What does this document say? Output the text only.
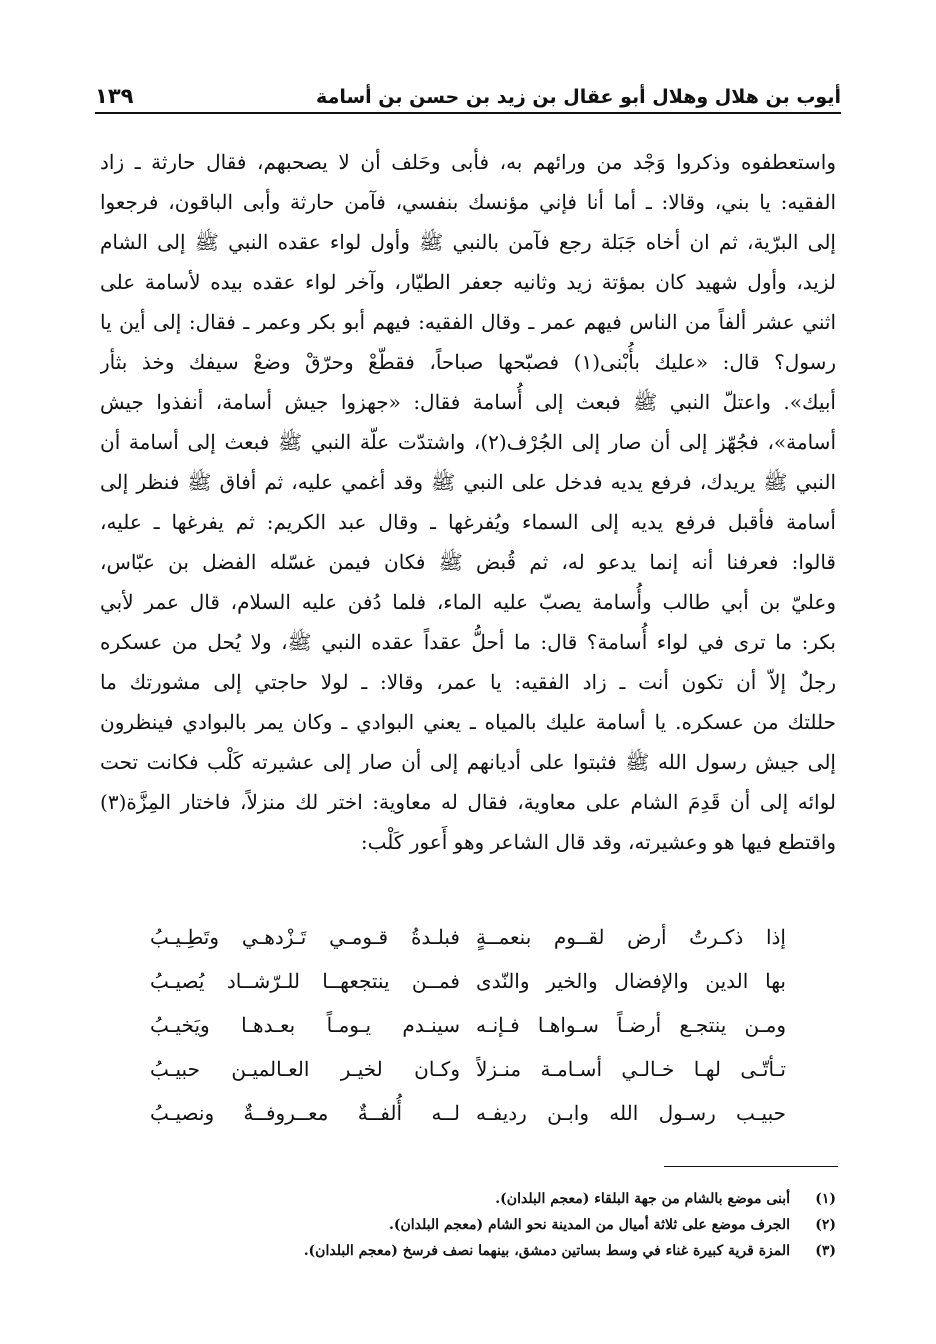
أيوب بن هلال وهلال أبو عقال بن زيد بن حسن بن أسامة
١٣٩
واستعطفوه وذكروا وَجْد من ورائهم به، فأبى وحَلف أن لا يصحبهم، فقال حارثة ـ زاد
الفقيه: يا بني، وقالا: ـ أما أنا فإني مؤنسك بنفسي، فآمن حارثة وأبى الباقون، فرجعوا
إلى البرّية، ثم ان أخاه جَبَلة رجع فآمن بالنبي ﷺ وأول لواء عقده النبي ﷺ إلى الشام
لزيد، وأول شهيد كان بمؤتة زيد وثانيه جعفر الطيّار، وآخر لواء عقده بيده لأسامة على
اثني عشر ألفاً من الناس فيهم عمر ـ وقال الفقيه: فيهم أبو بكر وعمر ـ فقال: إلى أين يا
رسول؟ قال: «عليك بأُبْنى(١) فصبّحها صباحاً، فقطّعْ وحرّقْ وضعْ سيفك وخذ بثأر
أبيك». واعتلّ النبي ﷺ فبعث إلى أُسامة فقال: «جهزوا جيش أسامة، أنفذوا جيش
أسامة»، فجُهّز إلى أن صار إلى الجُرْف(٢)، واشتدّت علّة النبي ﷺ فبعث إلى أسامة أن
النبي ﷺ يريدك، فرفع يديه فدخل على النبي ﷺ وقد أغمي عليه، ثم أفاق ﷺ فنظر إلى
أسامة فأقبل فرفع يديه إلى السماء ويُفرغها ـ وقال عبد الكريم: ثم يفرغها ـ عليه،
قالوا: فعرفنا أنه إنما يدعو له، ثم قُبض ﷺ فكان فيمن غسّله الفضل بن عبّاس،
وعليّ بن أبي طالب وأُسامة يصبّ عليه الماء، فلما دُفن عليه السلام، قال عمر لأبي
بكر: ما ترى في لواء أُسامة؟ قال: ما أحلُّ عقداً عقده النبي ﷺ، ولا يُحل من عسكره
رجلٌ إلاّ أن تكون أنت ـ زاد الفقيه: يا عمر، وقالا: ـ لولا حاجتي إلى مشورتك ما
حللتك من عسكره. يا أسامة عليك بالمياه ـ يعني البوادي ـ وكان يمر بالبوادي فينظرون
إلى جيش رسول الله ﷺ فثبتوا على أديانهم إلى أن صار إلى عشيرته كَلْب فكانت تحت
لوائه إلى أن قَدِمَ الشام على معاوية، فقال له معاوية: اختر لك منزلاً، فاختار المِزَّة(٣)
واقتطع فيها هو وعشيرته، وقد قال الشاعر وهو أَعور كَلْب:
إذا ذكـرتُ أرض لقــوم بنعمــةٍ
فبلـدةُ قـومـي تَـزْدهـي وتَطِـيـبُ
بها الدين والإفضال والخير والنّدى
فمــن ينتجعهــا للـرّشــاد يُصيـبُ
ومـن ينتجـع أرضـاً سـواهـا فـإنـه
سينـدم يـومـاً بعـدهـا ويَخيـبُ
تـأتّـى لهـا خـالـي أسـامـة منـزلاً
وكـان لخيـر العـالميـن حبيـبُ
حبيـب رسـول الله وابـن رديفـه
لــه أُلفــةٌ معــروفــةٌ ونصيـبُ
(١)
أبنى موضع بالشام من جهة البلقاء (معجم البلدان).
(٢)
الجرف موضع على ثلاثة أميال من المدينة نحو الشام (معجم البلدان).
(٣)
المزة قرية كبيرة غناء في وسط بساتين دمشق، بينهما نصف فرسخ (معجم البلدان).
